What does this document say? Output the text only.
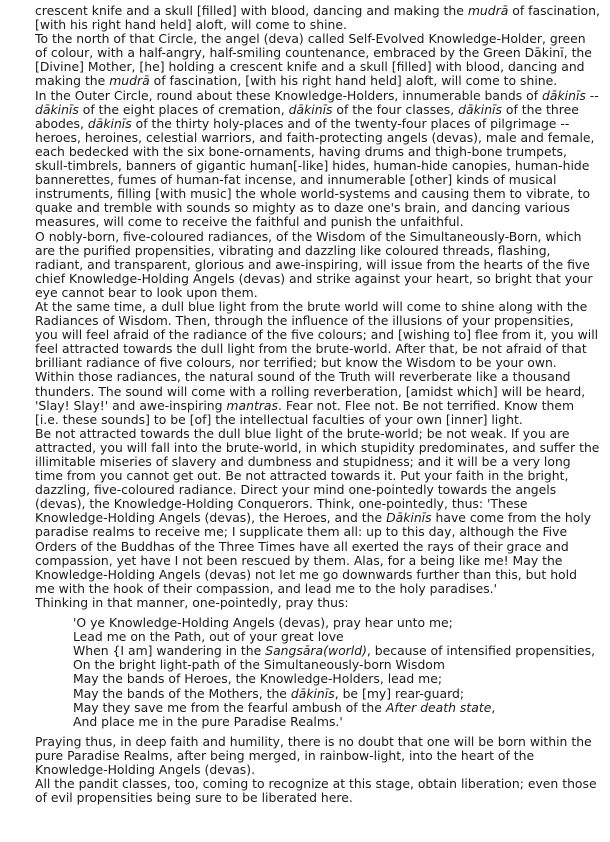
crescent knife and a skull [filled] with blood, dancing and making the mudrā of fascination, [with his right hand held] aloft, will come to shine.

To the north of that Circle, the angel (deva) called Self-Evolved Knowledge-Holder, green of colour, with a half-angry, half-smiling countenance, embraced by the Green Dākinī, the [Divine] Mother, [he] holding a crescent knife and a skull [filled] with blood, dancing and making the mudrā of fascination, [with his right hand held] aloft, will come to shine.

In the Outer Circle, round about these Knowledge-Holders, innumerable bands of dākinīs -- dākinīs of the eight places of cremation, dākinīs of the four classes, dākinīs of the three abodes, dākinīs of the thirty holy-places and of the twenty-four places of pilgrimage -- heroes, heroines, celestial warriors, and faith-protecting angels (devas), male and female, each bedecked with the six bone-ornaments, having drums and thigh-bone trumpets, skull-timbrels, banners of gigantic human[-like] hides, human-hide canopies, human-hide bannerettes, fumes of human-fat incense, and innumerable [other] kinds of musical instruments, filling [with music] the whole world-systems and causing them to vibrate, to quake and tremble with sounds so mighty as to daze one's brain, and dancing various measures, will come to receive the faithful and punish the unfaithful.

O nobly-born, five-coloured radiances, of the Wisdom of the Simultaneously-Born, which are the purified propensities, vibrating and dazzling like coloured threads, flashing, radiant, and transparent, glorious and awe-inspiring, will issue from the hearts of the five chief Knowledge-Holding Angels (devas) and strike against your heart, so bright that your eye cannot bear to look upon them.

At the same time, a dull blue light from the brute world will come to shine along with the Radiances of Wisdom. Then, through the influence of the illusions of your propensities, you will feel afraid of the radiance of the five colours; and [wishing to] flee from it, you will feel attracted towards the dull light from the brute-world. After that, be not afraid of that brilliant radiance of five colours, nor terrified; but know the Wisdom to be your own.

Within those radiances, the natural sound of the Truth will reverberate like a thousand thunders. The sound will come with a rolling reverberation, [amidst which] will be heard, 'Slay! Slay!' and awe-inspiring mantras. Fear not. Flee not. Be not terrified. Know them [i.e. these sounds] to be [of] the intellectual faculties of your own [inner] light.

Be not attracted towards the dull blue light of the brute-world; be not weak. If you are attracted, you will fall into the brute-world, in which stupidity predominates, and suffer the illimitable miseries of slavery and dumbness and stupidness; and it will be a very long time from you cannot get out. Be not attracted towards it. Put your faith in the bright, dazzling, five-coloured radiance. Direct your mind one-pointedly towards the angels (devas), the Knowledge-Holding Conquerors. Think, one-pointedly, thus: 'These Knowledge-Holding Angels (devas), the Heroes, and the Dākinīs have come from the holy paradise realms to receive me; I supplicate them all: up to this day, although the Five Orders of the Buddhas of the Three Times have all exerted the rays of their grace and compassion, yet have I not been rescued by them. Alas, for a being like me! May the Knowledge-Holding Angels (devas) not let me go downwards further than this, but hold me with the hook of their compassion, and lead me to the holy paradises.'

Thinking in that manner, one-pointedly, pray thus:

'O ye Knowledge-Holding Angels (devas), pray hear unto me;

Lead me on the Path, out of your great love

When {I am] wandering in the Sangsāra(world), because of intensified propensities,

On the bright light-path of the Simultaneously-born Wisdom

May the bands of Heroes, the Knowledge-Holders, lead me;

May the bands of the Mothers, the dākinīs, be [my] rear-guard;

May they save me from the fearful ambush of the After death state,

And place me in the pure Paradise Realms.'

Praying thus, in deep faith and humility, there is no doubt that one will be born within the pure Paradise Realms, after being merged, in rainbow-light, into the heart of the Knowledge-Holding Angels (devas).

All the pandit classes, too, coming to recognize at this stage, obtain liberation; even those of evil propensities being sure to be liberated here.
